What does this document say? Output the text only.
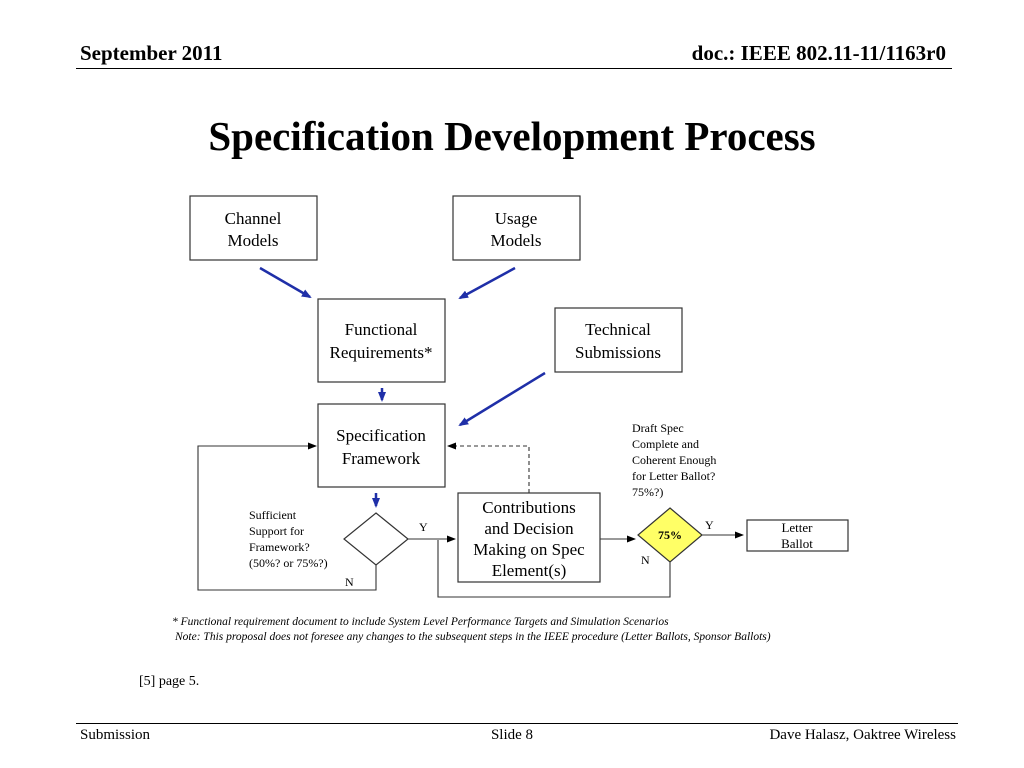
September 2011	doc.: IEEE 802.11-11/1163r0
Specification Development Process
Channel
Models
Usage
Models
Functional
Requirements*
Technical
Submissions
Specification
Framework
Contributions
and Decision
Making on Spec
Element(s)
Letter
Ballot
75%
Y
N
Y
N
Sufficient
Support for
Framework?
(50%? or 75%?)
Draft Spec
Complete and
Coherent Enough
for Letter Ballot?
75%?)
* Functional requirement document to include System Level Performance Targets and Simulation Scenarios
Note: This proposal does not foresee any changes to the subsequent steps in the IEEE procedure (Letter Ballots, Sponsor Ballots)
[5] page 5.
Submission	Slide 8	Dave Halasz, Oaktree Wireless
